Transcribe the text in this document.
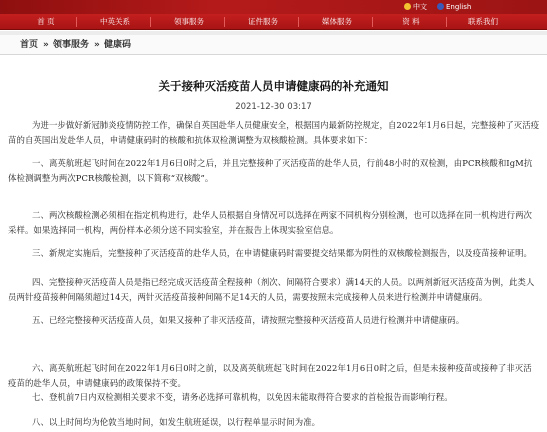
中文	English
首 页	中英关系	领事服务	证件服务	媒体服务	资 料	联系我们
首页 » 领事服务 » 健康码
关于接种灭活疫苗人员申请健康码的补充通知
2021-12-30 03:17

为进一步做好新冠肺炎疫情防控工作，确保自英国赴华人员健康安全，根据国内最新防控规定，自2022年1月6日起，完整接种了灭活疫苗的自英国出发赴华人员，申请健康码时的核酸和抗体双检测调整为双核酸检测。具体要求如下：

一、离英航班起飞时间在2022年1月6日0时之后，并且完整接种了灭活疫苗的赴华人员，行前48小时的双检测，由PCR核酸和IgM抗体检测调整为两次PCR核酸检测，以下简称“双核酸”。

二、两次核酸检测必须相在指定机构进行，赴华人员根据自身情况可以选择在两家不同机构分别检测，也可以选择在同一机构进行两次采样。如果选择同一机构，两份样本必须分送不同实验室，并在报告上体现实验室信息。

三、新规定实施后，完整接种了灭活疫苗的赴华人员，在申请健康码时需要提交结果都为阴性的双核酸检测报告，以及疫苗接种证明。

四、完整接种灭活疫苗人员是指已经完成灭活疫苗全程接种（剂次、间隔符合要求）满14天的人员。以两剂新冠灭活疫苗为例，此类人员两针疫苗接种间隔须超过14天，两针灭活疫苗接种间隔不足14天的人员，需要按照未完成接种人员来进行检测并申请健康码。

五、已经完整接种灭活疫苗人员，如果又接种了非灭活疫苗，请按照完整接种灭活疫苗人员进行检测并申请健康码。

六、离英航班起飞时间在2022年1月6日0时之前，以及离英航班起飞时间在2022年1月6日0时之后，但是未接种疫苗或接种了非灭活疫苗的赴华人员，申请健康码的政策保持不变。

七、登机前7日内双检测相关要求不变，请务必选择可靠机构，以免因未能取得符合要求的首检报告而影响行程。

八、以上时间均为伦敦当地时间，如发生航班延误，以行程单显示时间为准。
